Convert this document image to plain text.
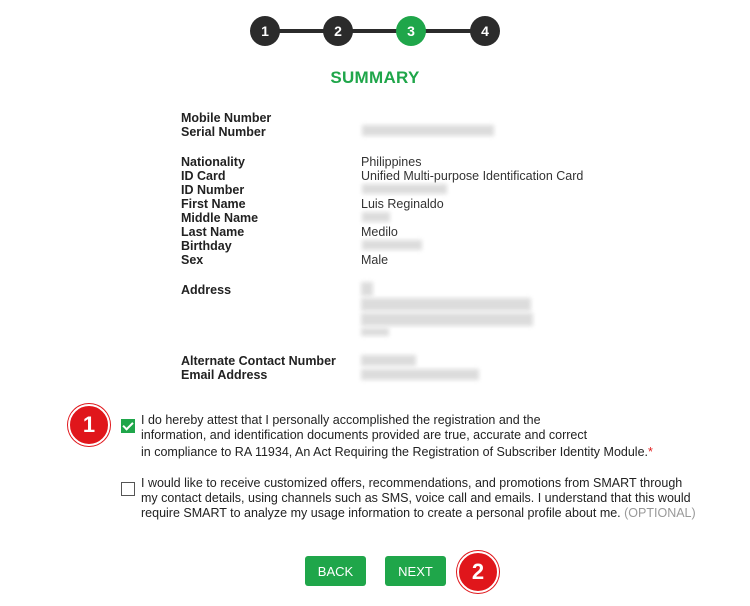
1	2	3	4
SUMMARY
Mobile Number
Serial Number
Nationality	Philippines
ID Card	Unified Multi-purpose Identification Card
ID Number
First Name	Luis Reginaldo
Middle Name
Last Name	Medilo
Birthday
Sex	Male
Address
Alternate Contact Number
Email Address
1	I do hereby attest that I personally accomplished the registration and the
information, and identification documents provided are true, accurate and correct
in compliance to RA 11934, An Act Requiring the Registration of Subscriber Identity Module.*
I would like to receive customized offers, recommendations, and promotions from SMART through
my contact details, using channels such as SMS, voice call and emails. I understand that this would
require SMART to analyze my usage information to create a personal profile about me. (OPTIONAL)
BACK	NEXT	2
